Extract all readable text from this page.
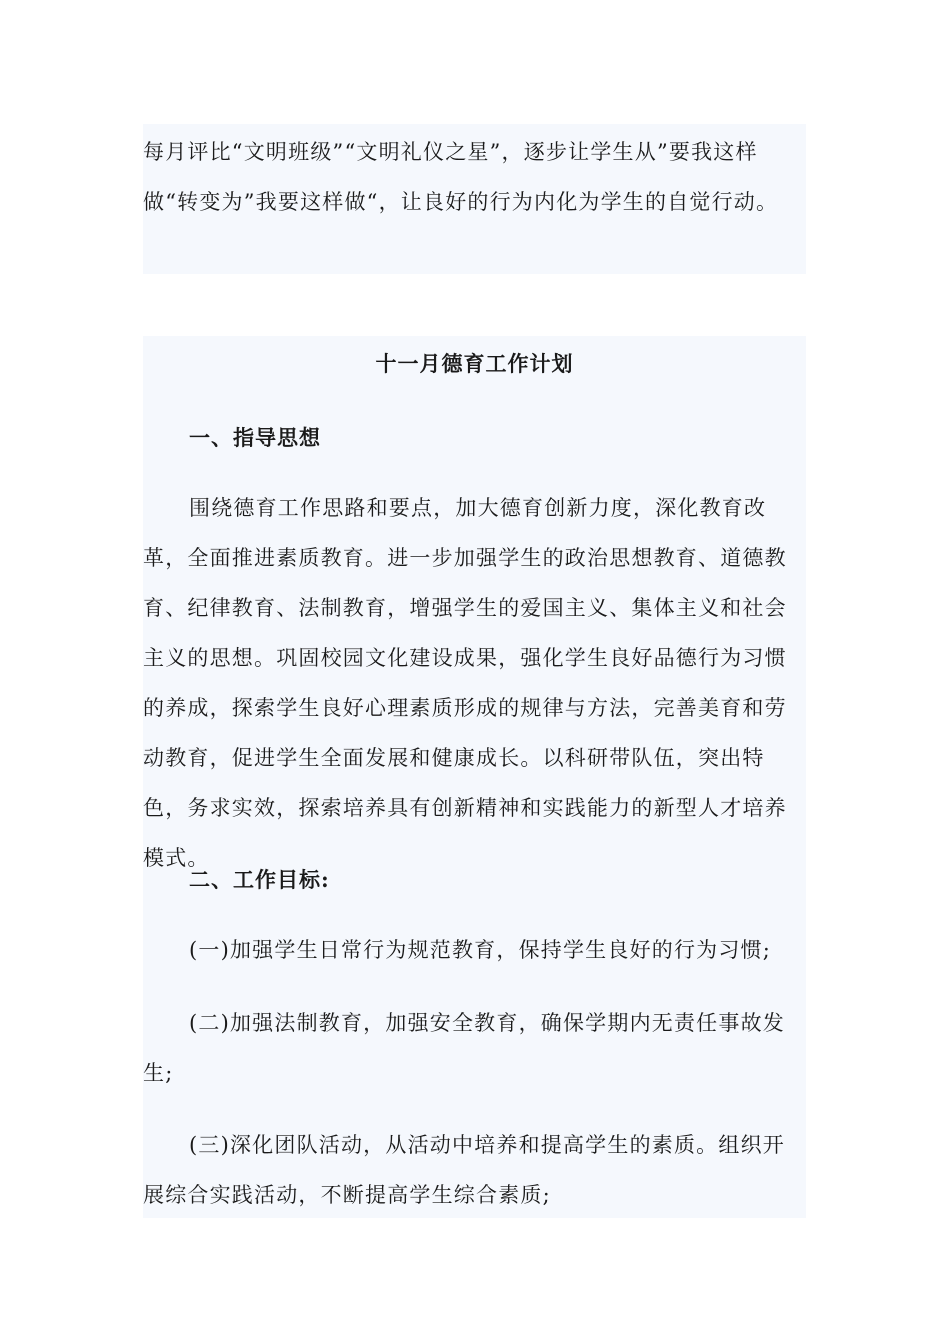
每月评比“文明班级”“文明礼仪之星”，逐步让学生从”要我这样做“转变为”我要这样做“，让良好的行为内化为学生的自觉行动。

十一月德育工作计划
一、指导思想

围绕德育工作思路和要点，加大德育创新力度，深化教育改革，全面推进素质教育。进一步加强学生的政治思想教育、道德教育、纪律教育、法制教育，增强学生的爱国主义、集体主义和社会主义的思想。巩固校园文化建设成果，强化学生良好品德行为习惯的养成，探索学生良好心理素质形成的规律与方法，完善美育和劳动教育，促进学生全面发展和健康成长。以科研带队伍，突出特色，务求实效，探索培养具有创新精神和实践能力的新型人才培养模式。

二、工作目标:

(一)加强学生日常行为规范教育，保持学生良好的行为习惯;

(二)加强法制教育，加强安全教育，确保学期内无责任事故发生;

(三)深化团队活动，从活动中培养和提高学生的素质。组织开展综合实践活动，不断提高学生综合素质;
